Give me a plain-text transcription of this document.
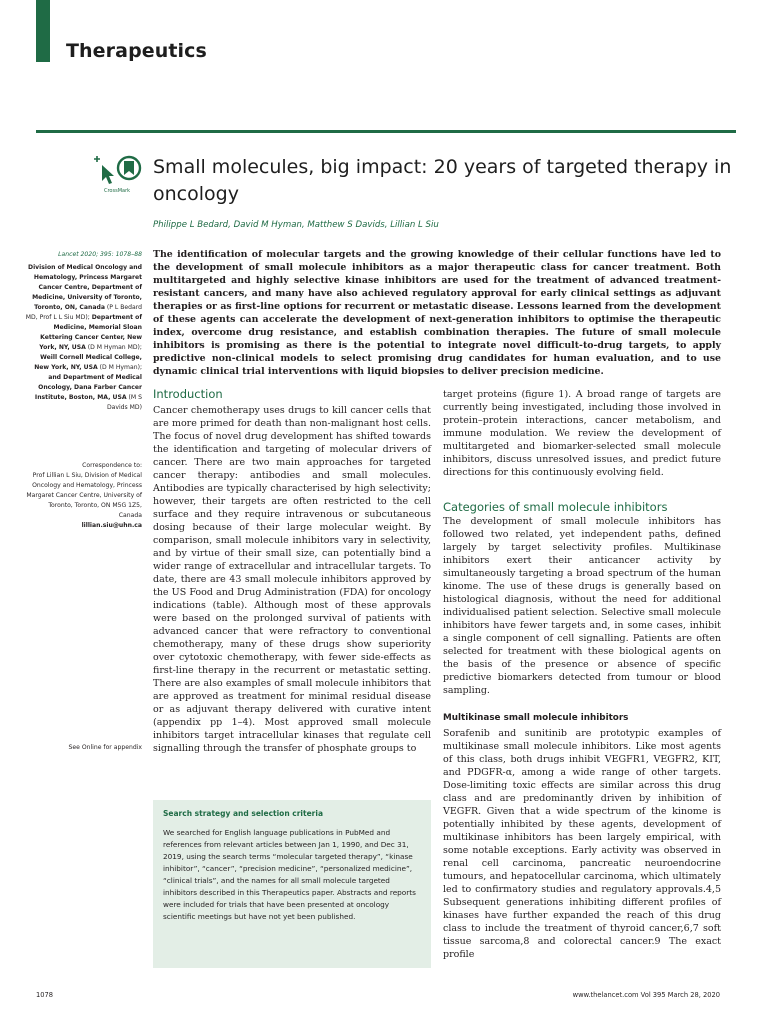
Therapeutics
CrossMark
Small molecules, big impact: 20 years of targeted therapy in oncology
Philippe L Bedard, David M Hyman, Matthew S Davids, Lillian L Siu
Lancet 2020; 395: 1078–88
Division of Medical Oncology and Hematology, Princess Margaret Cancer Centre, Department of Medicine, University of Toronto, Toronto, ON, Canada (P L Bedard MD, Prof L L Siu MD); Department of Medicine, Memorial Sloan Kettering Cancer Center, New York, NY, USA (D M Hyman MD); Weill Cornell Medical College, New York, NY, USA (D M Hyman); and Department of Medical Oncology, Dana Farber Cancer Institute, Boston, MA, USA (M S Davids MD)
Correspondence to:
Prof Lillian L Siu, Division of Medical Oncology and Hematology, Princess Margaret Cancer Centre, University of Toronto, Toronto, ON M5G 1Z5, Canada
lillian.siu@uhn.ca
See Online for appendix

The identification of molecular targets and the growing knowledge of their cellular functions have led to the development of small molecule inhibitors as a major therapeutic class for cancer treatment. Both multitargeted and highly selective kinase inhibitors are used for the treatment of advanced treatment-resistant cancers, and many have also achieved regulatory approval for early clinical settings as adjuvant therapies or as first-line options for recurrent or metastatic disease. Lessons learned from the development of these agents can accelerate the development of next-generation inhibitors to optimise the therapeutic index, overcome drug resistance, and establish combination therapies. The future of small molecule inhibitors is promising as there is the potential to integrate novel difficult-to-drug targets, to apply predictive non-clinical models to select promising drug candidates for human evaluation, and to use dynamic clinical trial interventions with liquid biopsies to deliver precision medicine.

Introduction

Cancer chemotherapy uses drugs to kill cancer cells that are more primed for death than non-malignant host cells. The focus of novel drug development has shifted towards the identification and targeting of molecular drivers of cancer. There are two main approaches for targeted cancer therapy: antibodies and small molecules. Antibodies are typically characterised by high selectivity; however, their targets are often restricted to the cell surface and they require intravenous or subcutaneous dosing because of their large molecular weight. By comparison, small molecule inhibitors vary in selectivity, and by virtue of their small size, can potentially bind a wider range of extracellular and intracellular targets. To date, there are 43 small molecule inhibitors approved by the US Food and Drug Administration (FDA) for oncology indications (table). Although most of these approvals were based on the prolonged survival of patients with advanced cancer that were refractory to conventional chemotherapy, many of these drugs show superiority over cytotoxic chemotherapy, with fewer side-effects as first-line therapy in the recurrent or metastatic setting. There are also examples of small molecule inhibitors that are approved as treatment for minimal residual disease or as adjuvant therapy delivered with curative intent (appendix pp 1–4). Most approved small molecule inhibitors target intracellular kinases that regulate cell signalling through the transfer of phosphate groups to

Search strategy and selection criteria

We searched for English language publications in PubMed and references from relevant articles between Jan 1, 1990, and Dec 31, 2019, using the search terms “molecular targeted therapy”, “kinase inhibitor”, “cancer”, “precision medicine”, “personalized medicine”, “clinical trials”, and the names for all small molecule targeted inhibitors described in this Therapeutics paper. Abstracts and reports were included for trials that have been presented at oncology scientific meetings but have not yet been published.

target proteins (figure 1). A broad range of targets are currently being investigated, including those involved in protein–protein interactions, cancer metabolism, and immune modulation. We review the development of multitargeted and biomarker-selected small molecule inhibitors, discuss unresolved issues, and predict future directions for this continuously evolving field.

Categories of small molecule inhibitors

The development of small molecule inhibitors has followed two related, yet independent paths, defined largely by target selectivity profiles. Multikinase inhibitors exert their anticancer activity by simultaneously targeting a broad spectrum of the human kinome. The use of these drugs is generally based on histological diagnosis, without the need for additional individualised patient selection. Selective small molecule inhibitors have fewer targets and, in some cases, inhibit a single component of cell signalling. Patients are often selected for treatment with these biological agents on the basis of the presence or absence of specific predictive biomarkers detected from tumour or blood sampling.

Multikinase small molecule inhibitors

Sorafenib and sunitinib are prototypic examples of multikinase small molecule inhibitors. Like most agents of this class, both drugs inhibit VEGFR1, VEGFR2, KIT, and PDGFR-α, among a wide range of other targets. Dose-limiting toxic effects are similar across this drug class and are predominantly driven by inhibition of VEGFR. Given that a wide spectrum of the kinome is potentially inhibited by these agents, development of multikinase inhibitors has been largely empirical, with some notable exceptions. Early activity was observed in renal cell carcinoma, pancreatic neuroendocrine tumours, and hepatocellular carcinoma, which ultimately led to confirmatory studies and regulatory approvals.4,5 Subsequent generations inhibiting different profiles of kinases have further expanded the reach of this drug class to include the treatment of thyroid cancer,6,7 soft tissue sarcoma,8 and colorectal cancer.9 The exact profile

1078	www.thelancet.com Vol 395 March 28, 2020
